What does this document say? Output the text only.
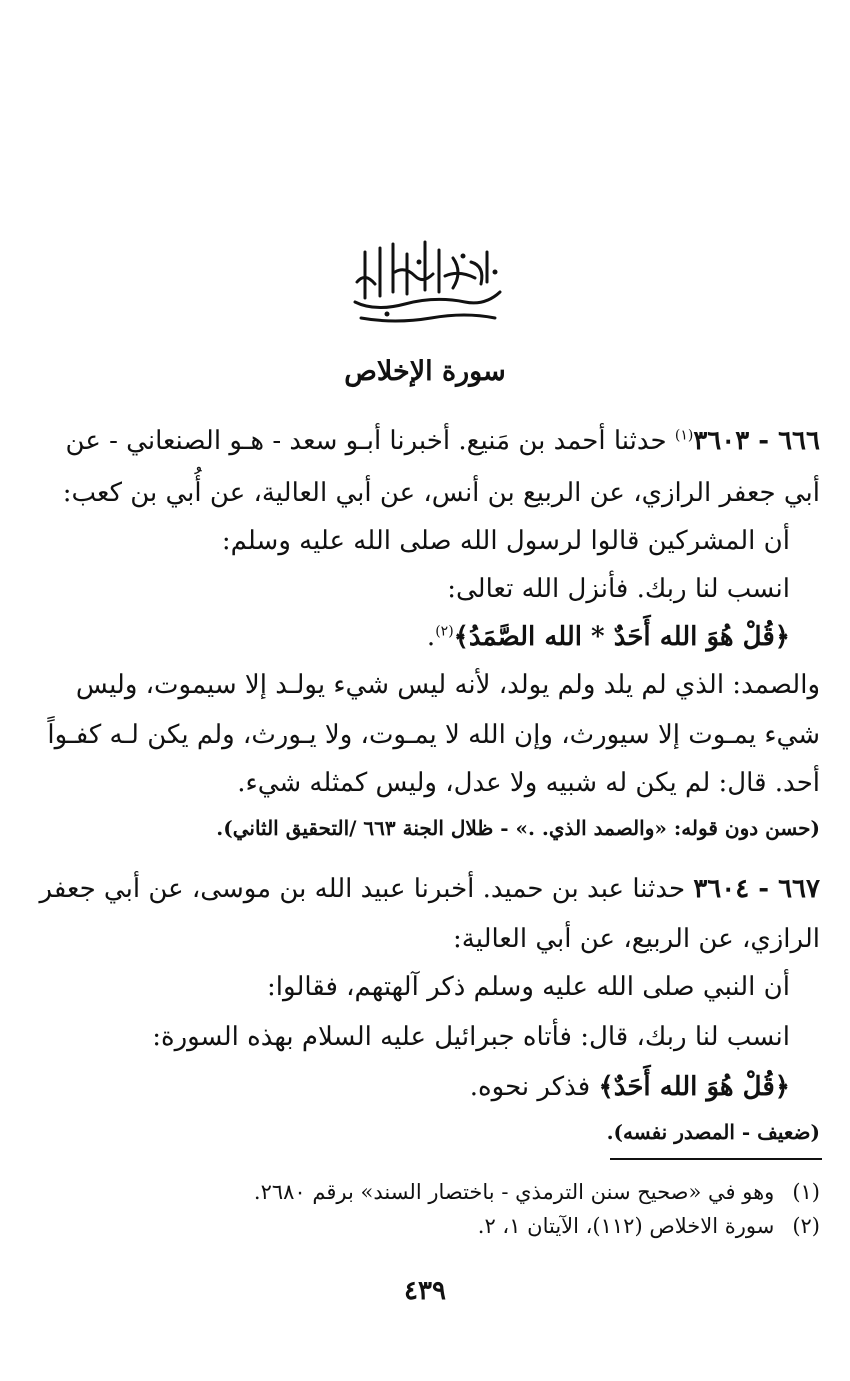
سورة الإخلاص
٦٦٦ - ٣٦٠٣$^{(١)}$ حدثنا أحمد بن مَنيع. أخبرنا أبـو سعد - هـو الصنعاني - عن
أبي جعفر الرازي، عن الربيع بن أنس، عن أبي العالية، عن أُبي بن كعب:
أن المشركين قالوا لرسول الله صلى الله عليه وسلم:
انسب لنا ربك. فأنزل الله تعالى:
﴿قُلْ هُوَ الله أَحَدٌ * الله الصَّمَدُ﴾$^{(٢)}$.
والصمد: الذي لم يلد ولم يولد، لأنه ليس شيء يولـد إلا سيموت، وليس
شيء يمـوت إلا سيورث، وإن الله لا يمـوت، ولا يـورث، ولم يكن لـه كفـواً
أحد. قال: لم يكن له شبيه ولا عدل، وليس كمثله شيء.
(حسن دون قوله: «والصمد الذي. .» - ظلال الجنة ٦٦٣ /التحقيق الثاني).
٦٦٧ - ٣٦٠٤ حدثنا عبد بن حميد. أخبرنا عبيد الله بن موسى، عن أبي جعفر
الرازي، عن الربيع، عن أبي العالية:
أن النبي صلى الله عليه وسلم ذكر آلهتهم، فقالوا:
انسب لنا ربك، قال: فأتاه جبرائيل عليه السلام بهذه السورة:
﴿قُلْ هُوَ الله أَحَدٌ﴾ فذكر نحوه.
(ضعيف - المصدر نفسه).
(١)وهو في «صحيح سنن الترمذي - باختصار السند» برقم ٢٦٨٠.
(٢)سورة الاخلاص (١١٢)، الآيتان ١، ٢.
٤٣٩
